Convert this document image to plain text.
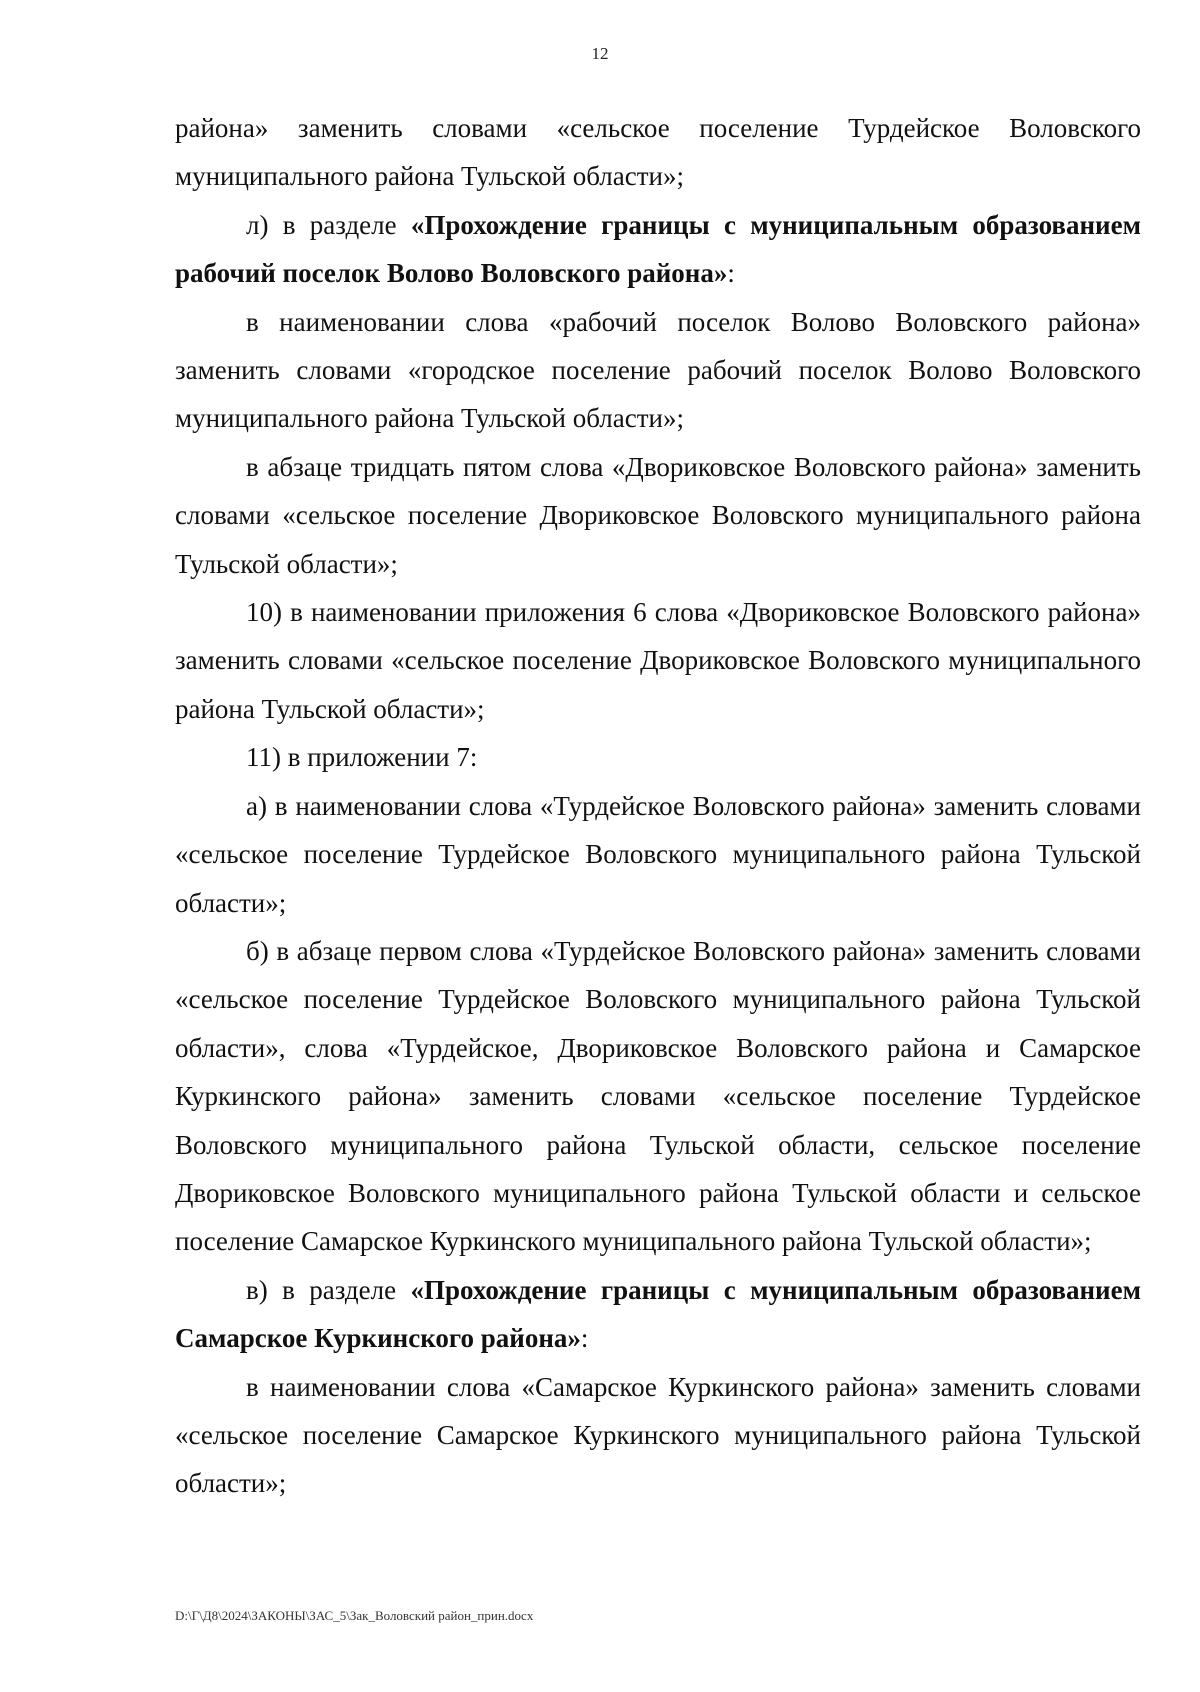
12

района» заменить словами «сельское поселение Турдейское Воловского муниципального района Тульской области»;

л) в разделе «Прохождение границы с муниципальным образованием рабочий поселок Волово Воловского района»:

в наименовании слова «рабочий поселок Волово Воловского района» заменить словами «городское поселение рабочий поселок Волово Воловского муниципального района Тульской области»;

в абзаце тридцать пятом слова «Двориковское Воловского района» заменить словами «сельское поселение Двориковское Воловского муниципального района Тульской области»;

10) в наименовании приложения 6 слова «Двориковское Воловского района» заменить словами «сельское поселение Двориковское Воловского муниципального района Тульской области»;

11) в приложении 7:

а) в наименовании слова «Турдейское Воловского района» заменить словами «сельское поселение Турдейское Воловского муниципального района Тульской области»;

б) в абзаце первом слова «Турдейское Воловского района» заменить словами «сельское поселение Турдейское Воловского муниципального района Тульской области», слова «Турдейское, Двориковское Воловского района и Самарское Куркинского района» заменить словами «сельское поселение Турдейское Воловского муниципального района Тульской области, сельское поселение Двориковское Воловского муниципального района Тульской области и сельское поселение Самарское Куркинского муниципального района Тульской области»;

в) в разделе «Прохождение границы с муниципальным образованием Самарское Куркинского района»:

в наименовании слова «Самарское Куркинского района» заменить словами «сельское поселение Самарское Куркинского муниципального района Тульской области»;

D:\Г\Д8\2024\ЗАКОНЫ\ЗАС_5\Зак_Воловский район_прин.docx
